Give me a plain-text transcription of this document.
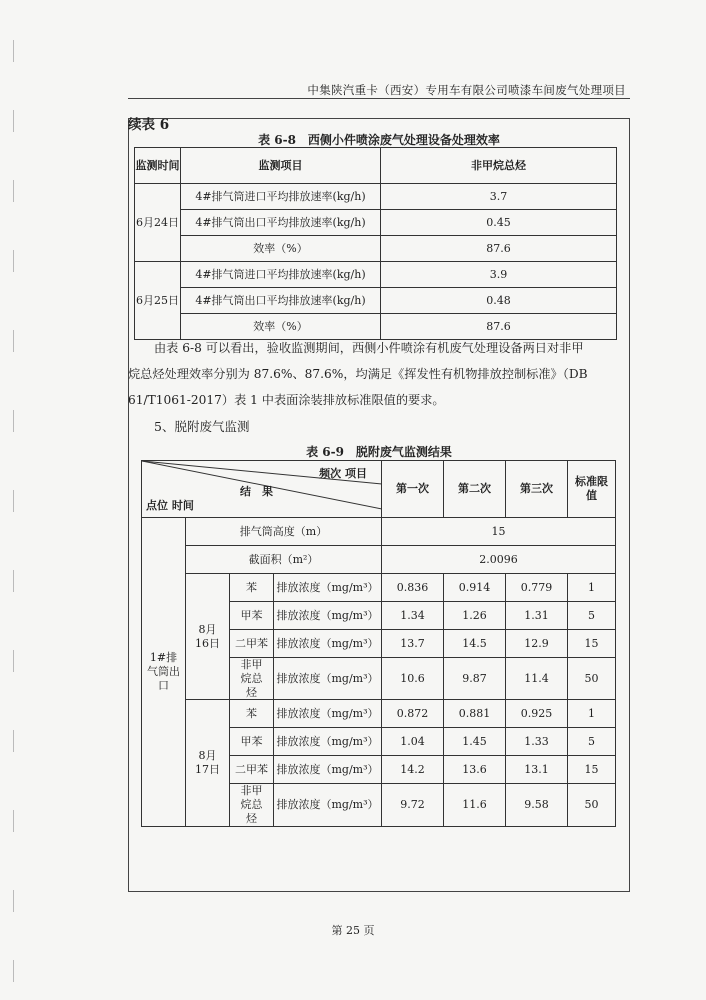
中集陕汽重卡（西安）专用车有限公司喷漆车间废气处理项目
续表 6
表 6-8　西侧小件喷涂废气处理设备处理效率
监测时间	监测项目	非甲烷总烃
6月24日	4#排气筒进口平均排放速率(kg/h)	3.7
	4#排气筒出口平均排放速率(kg/h)	0.45
	效率（%）	87.6
6月25日	4#排气筒进口平均排放速率(kg/h)	3.9
	4#排气筒出口平均排放速率(kg/h)	0.48
	效率（%）	87.6
由表 6-8 可以看出，验收监测期间，西侧小件喷涂有机废气处理设备两日对非甲
烷总烃处理效率分别为 87.6%、87.6%，均满足《挥发性有机物排放控制标准》（DB
61/T1061-2017）表 1 中表面涂装排放标准限值的要求。
5、脱附废气监测
表 6-9　脱附废气监测结果
频次 项目
结　果
点位 时间				第一次	第二次	第三次	标准限值
1#排气筒出口	排气筒高度（m）			15			
	截面积（m²）			2.0096			
	8月16日	苯	排放浓度（mg/m³）	0.836	0.914	0.779	1
		甲苯	排放浓度（mg/m³）	1.34	1.26	1.31	5
		二甲苯	排放浓度（mg/m³）	13.7	14.5	12.9	15
		非甲烷总烃	排放浓度（mg/m³）	10.6	9.87	11.4	50
	8月17日	苯	排放浓度（mg/m³）	0.872	0.881	0.925	1
		甲苯	排放浓度（mg/m³）	1.04	1.45	1.33	5
		二甲苯	排放浓度（mg/m³）	14.2	13.6	13.1	15
		非甲烷总烃	排放浓度（mg/m³）	9.72	11.6	9.58	50
第 25 页
